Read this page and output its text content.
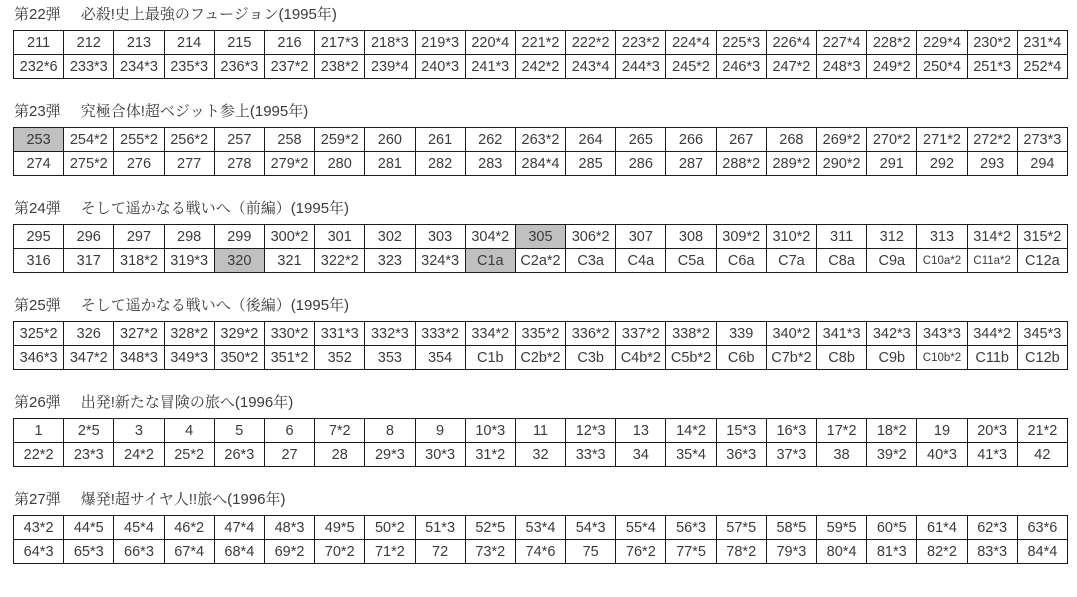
第22弾 必殺!史上最強のフュージョン(1995年)
211	212	213	214	215	216	217*3	218*3	219*3	220*4	221*2	222*2	223*2	224*4	225*3	226*4	227*4	228*2	229*4	230*2	231*4
232*6	233*3	234*3	235*3	236*3	237*2	238*2	239*4	240*3	241*3	242*2	243*4	244*3	245*2	246*3	247*2	248*3	249*2	250*4	251*3	252*4
第23弾 究極合体!超ベジット参上(1995年)
253	254*2	255*2	256*2	257	258	259*2	260	261	262	263*2	264	265	266	267	268	269*2	270*2	271*2	272*2	273*3
274	275*2	276	277	278	279*2	280	281	282	283	284*4	285	286	287	288*2	289*2	290*2	291	292	293	294
第24弾 そして遥かなる戦いへ（前編）(1995年)
295	296	297	298	299	300*2	301	302	303	304*2	305	306*2	307	308	309*2	310*2	311	312	313	314*2	315*2
316	317	318*2	319*3	320	321	322*2	323	324*3	C1a	C2a*2	C3a	C4a	C5a	C6a	C7a	C8a	C9a	C10a*2	C11a*2	C12a
第25弾 そして遥かなる戦いへ（後編）(1995年)
325*2	326	327*2	328*2	329*2	330*2	331*3	332*3	333*2	334*2	335*2	336*2	337*2	338*2	339	340*2	341*3	342*3	343*3	344*2	345*3
346*3	347*2	348*3	349*3	350*2	351*2	352	353	354	C1b	C2b*2	C3b	C4b*2	C5b*2	C6b	C7b*2	C8b	C9b	C10b*2	C11b	C12b
第26弾 出発!新たな冒険の旅へ(1996年)
1	2*5	3	4	5	6	7*2	8	9	10*3	11	12*3	13	14*2	15*3	16*3	17*2	18*2	19	20*3	21*2
22*2	23*3	24*2	25*2	26*3	27	28	29*3	30*3	31*2	32	33*3	34	35*4	36*3	37*3	38	39*2	40*3	41*3	42
第27弾 爆発!超サイヤ人!!旅へ(1996年)
43*2	44*5	45*4	46*2	47*4	48*3	49*5	50*2	51*3	52*5	53*4	54*3	55*4	56*3	57*5	58*5	59*5	60*5	61*4	62*3	63*6
64*3	65*3	66*3	67*4	68*4	69*2	70*2	71*2	72	73*2	74*6	75	76*2	77*5	78*2	79*3	80*4	81*3	82*2	83*3	84*4
